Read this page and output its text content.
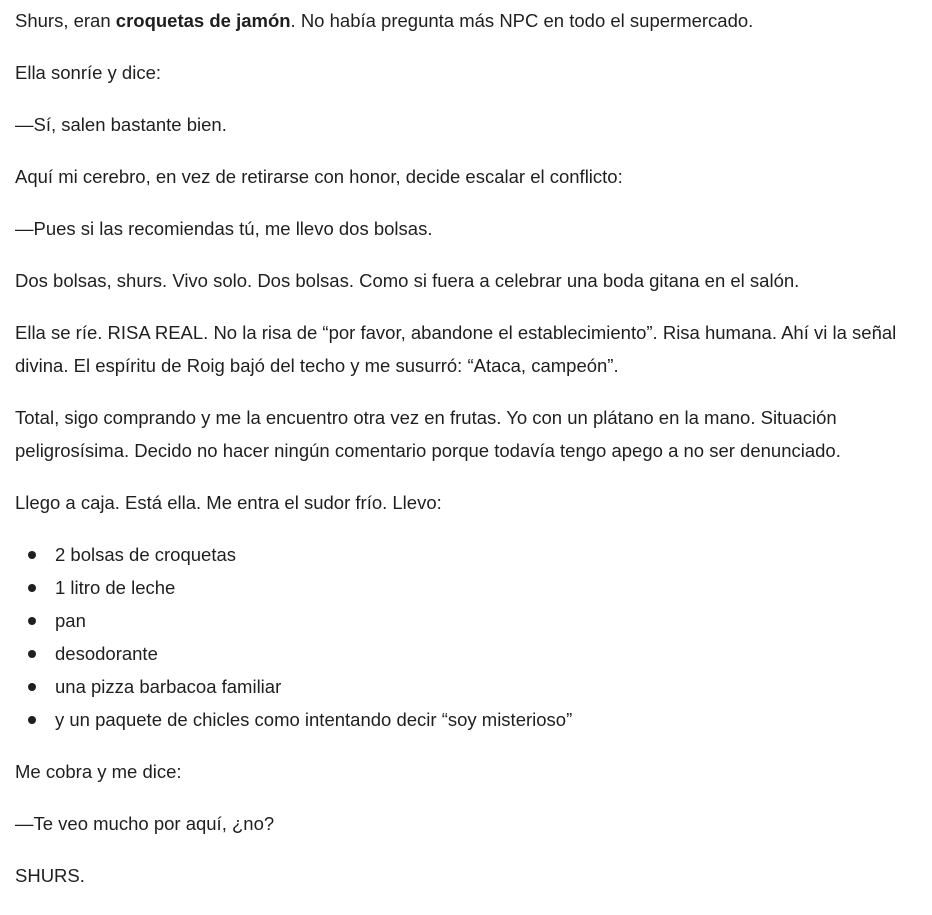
Shurs, eran croquetas de jamón. No había pregunta más NPC en todo el supermercado.

Ella sonríe y dice:

—Sí, salen bastante bien.

Aquí mi cerebro, en vez de retirarse con honor, decide escalar el conflicto:

—Pues si las recomiendas tú, me llevo dos bolsas.

Dos bolsas, shurs. Vivo solo. Dos bolsas. Como si fuera a celebrar una boda gitana en el salón.

Ella se ríe. RISA REAL. No la risa de “por favor, abandone el establecimiento”. Risa humana. Ahí vi la señal divina. El espíritu de Roig bajó del techo y me susurró: “Ataca, campeón”.

Total, sigo comprando y me la encuentro otra vez en frutas. Yo con un plátano en la mano. Situación peligrosísima. Decido no hacer ningún comentario porque todavía tengo apego a no ser denunciado.

Llego a caja. Está ella. Me entra el sudor frío. Llevo:

2 bolsas de croquetas
1 litro de leche
pan
desodorante
una pizza barbacoa familiar
y un paquete de chicles como intentando decir “soy misterioso”

Me cobra y me dice:

—Te veo mucho por aquí, ¿no?

SHURS.
